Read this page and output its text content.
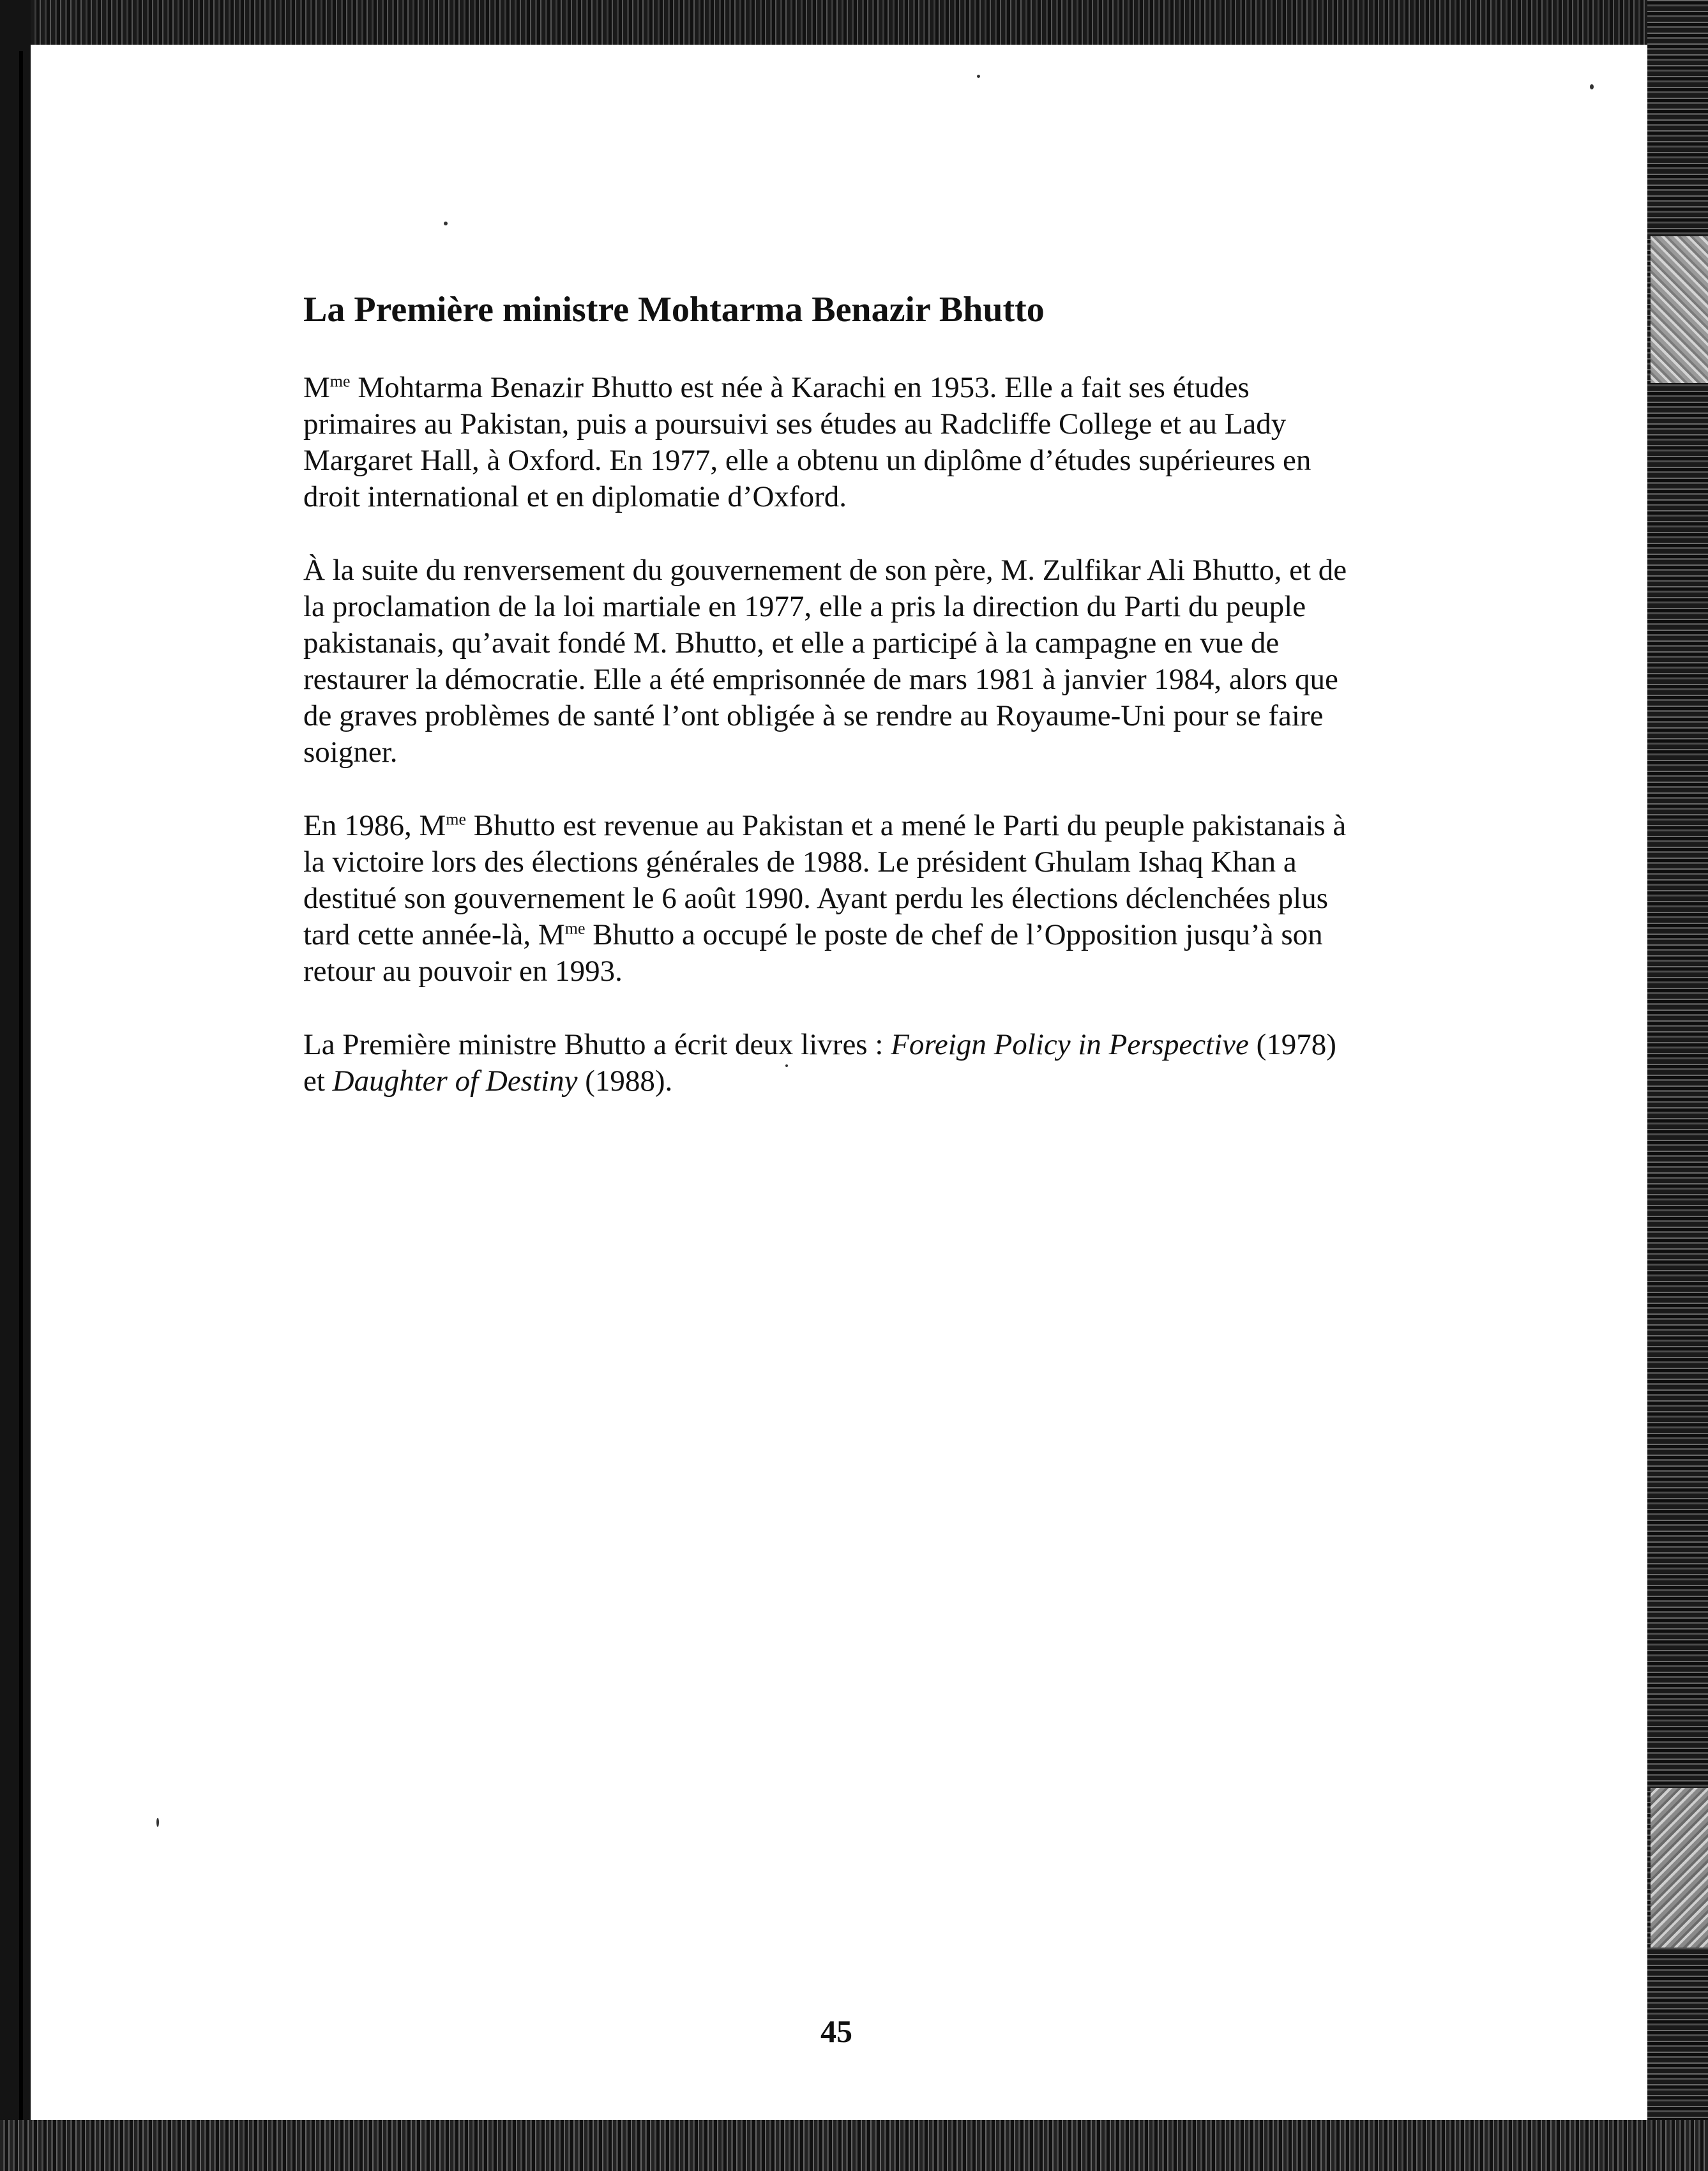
La Première ministre Mohtarma Benazir Bhutto

$M^{me}$ Mohtarma Benazir Bhutto est née à Karachi en 1953. Elle a fait ses études primaires au Pakistan, puis a poursuivi ses études au Radcliffe College et au Lady Margaret Hall, à Oxford. En 1977, elle a obtenu un diplôme d’études supérieures en droit international et en diplomatie d’Oxford.

À la suite du renversement du gouvernement de son père, M. Zulfikar Ali Bhutto, et de la proclamation de la loi martiale en 1977, elle a pris la direction du Parti du peuple pakistanais, qu’avait fondé M. Bhutto, et elle a participé à la campagne en vue de restaurer la démocratie. Elle a été emprisonnée de mars 1981 à janvier 1984, alors que de graves problèmes de santé l’ont obligée à se rendre au Royaume-Uni pour se faire soigner.

En 1986, $M^{me}$ Bhutto est revenue au Pakistan et a mené le Parti du peuple pakistanais à la victoire lors des élections générales de 1988. Le président Ghulam Ishaq Khan a destitué son gouvernement le 6 août 1990. Ayant perdu les élections déclenchées plus tard cette année-là, $M^{me}$ Bhutto a occupé le poste de chef de l’Opposition jusqu’à son retour au pouvoir en 1993.

La Première ministre Bhutto a écrit deux livres : Foreign Policy in Perspective (1978) et Daughter of Destiny (1988).

45
